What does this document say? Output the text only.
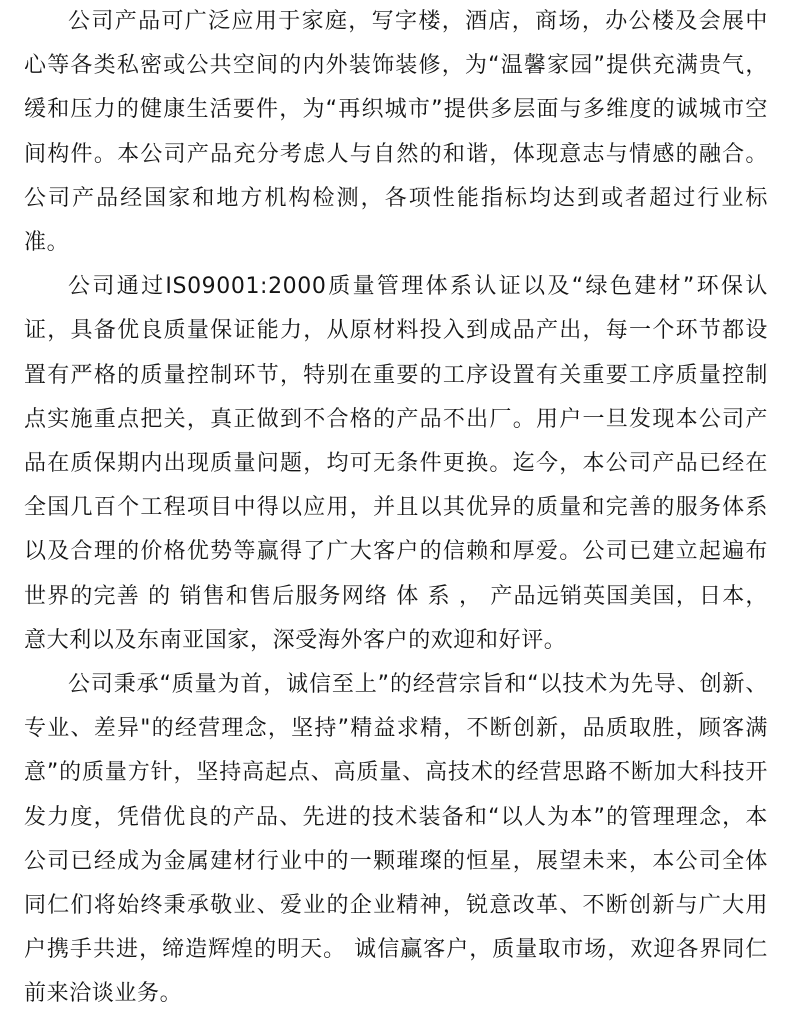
公司产品可广泛应用于家庭，写字楼，酒店，商场，办公楼及会展中心等各类私密或公共空间的内外装饰装修，为“温馨家园”提供充满贵气，缓和压力的健康生活要件，为“再织城市”提供多层面与多维度的诚城市空间构件。本公司产品充分考虑人与自然的和谐，体现意志与情感的融合。公司产品经国家和地方机构检测，各项性能指标均达到或者超过行业标准。

公司通过IS09001:2000质量管理体系认证以及“绿色建材”环保认证，具备优良质量保证能力，从原材料投入到成品产出，每一个环节都设置有严格的质量控制环节，特别在重要的工序设置有关重要工序质量控制点实施重点把关，真正做到不合格的产品不出厂。用户一旦发现本公司产品在质保期内出现质量问题，均可无条件更换。迄今，本公司产品已经在全国几百个工程项目中得以应用，并且以其优异的质量和完善的服务体系以及合理的价格优势等赢得了广大客户的信赖和厚爱。公司已建立起遍布世界的完善 的 销售和售后服务网络 体 系 ， 产品远销英国美国，日本，意大利以及东南亚国家，深受海外客户的欢迎和好评。

公司秉承“质量为首，诚信至上”的经营宗旨和“以技术为先导、创新、专业、差异"的经营理念，坚持”精益求精，不断创新，品质取胜，顾客满意”的质量方针，坚持高起点、高质量、高技术的经营思路不断加大科技开发力度，凭借优良的产品、先进的技术装备和“以人为本”的管理理念，本公司已经成为金属建材行业中的一颗璀璨的恒星，展望未来，本公司全体同仁们将始终秉承敬业、爱业的企业精神，锐意改革、不断创新与广大用户携手共进，缔造辉煌的明天。 诚信赢客户，质量取市场，欢迎各界同仁前来洽谈业务。
